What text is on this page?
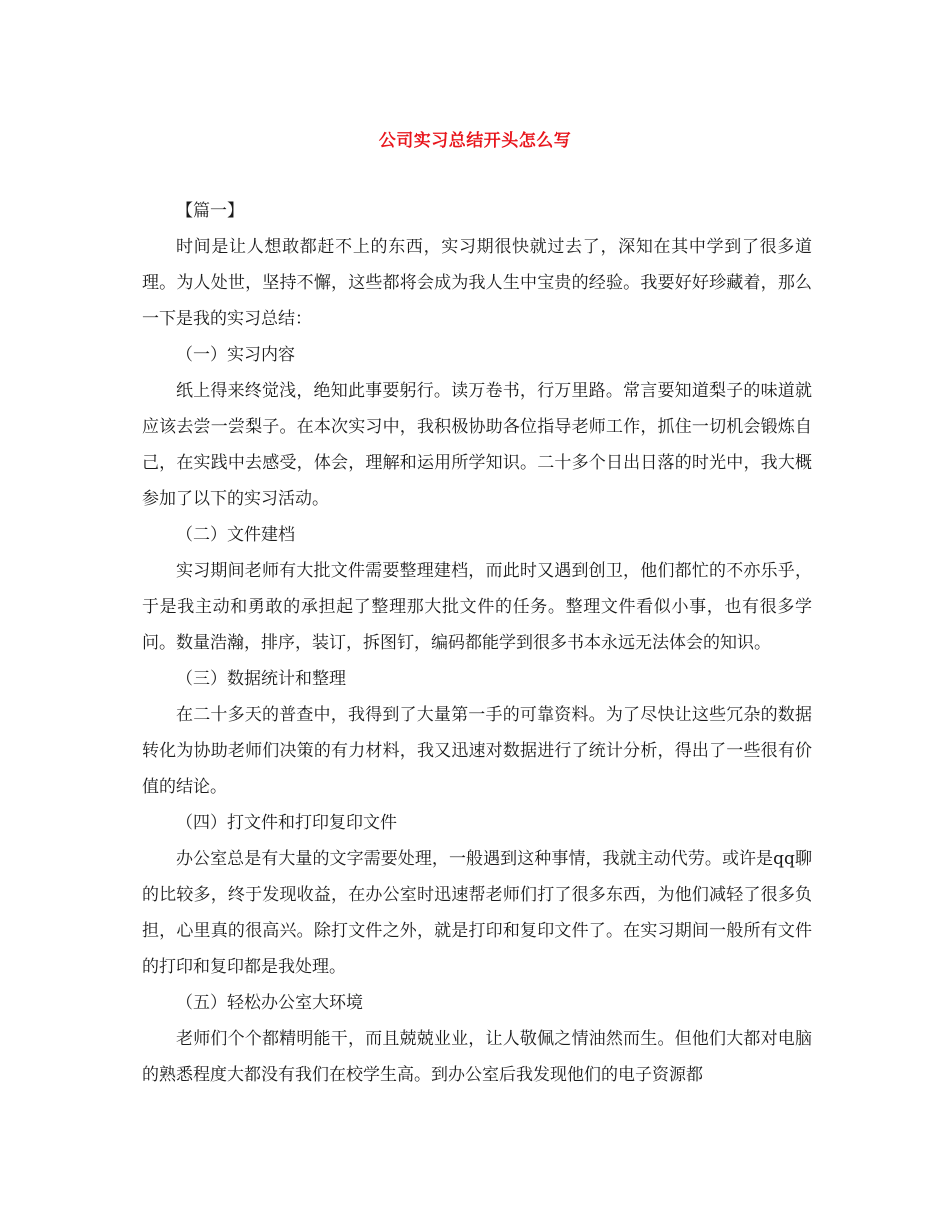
公司实习总结开头怎么写

【篇一】

时间是让人想敢都赶不上的东西，实习期很快就过去了，深知在其中学到了很多道理。为人处世，坚持不懈，这些都将会成为我人生中宝贵的经验。我要好好珍藏着，那么一下是我的实习总结：

（一）实习内容

纸上得来终觉浅，绝知此事要躬行。读万卷书，行万里路。常言要知道梨子的味道就应该去尝一尝梨子。在本次实习中，我积极协助各位指导老师工作，抓住一切机会锻炼自己，在实践中去感受，体会，理解和运用所学知识。二十多个日出日落的时光中，我大概参加了以下的实习活动。

（二）文件建档

实习期间老师有大批文件需要整理建档，而此时又遇到创卫，他们都忙的不亦乐乎，于是我主动和勇敢的承担起了整理那大批文件的任务。整理文件看似小事，也有很多学问。数量浩瀚，排序，装订，拆图钉，编码都能学到很多书本永远无法体会的知识。

（三）数据统计和整理

在二十多天的普查中，我得到了大量第一手的可靠资料。为了尽快让这些冗杂的数据转化为协助老师们决策的有力材料，我又迅速对数据进行了统计分析，得出了一些很有价值的结论。

（四）打文件和打印复印文件

办公室总是有大量的文字需要处理，一般遇到这种事情，我就主动代劳。或许是qq聊的比较多，终于发现收益，在办公室时迅速帮老师们打了很多东西，为他们减轻了很多负担，心里真的很高兴。除打文件之外，就是打印和复印文件了。在实习期间一般所有文件的打印和复印都是我处理。

（五）轻松办公室大环境

老师们个个都精明能干，而且兢兢业业，让人敬佩之情油然而生。但他们大都对电脑的熟悉程度大都没有我们在校学生高。到办公室后我发现他们的电子资源都
